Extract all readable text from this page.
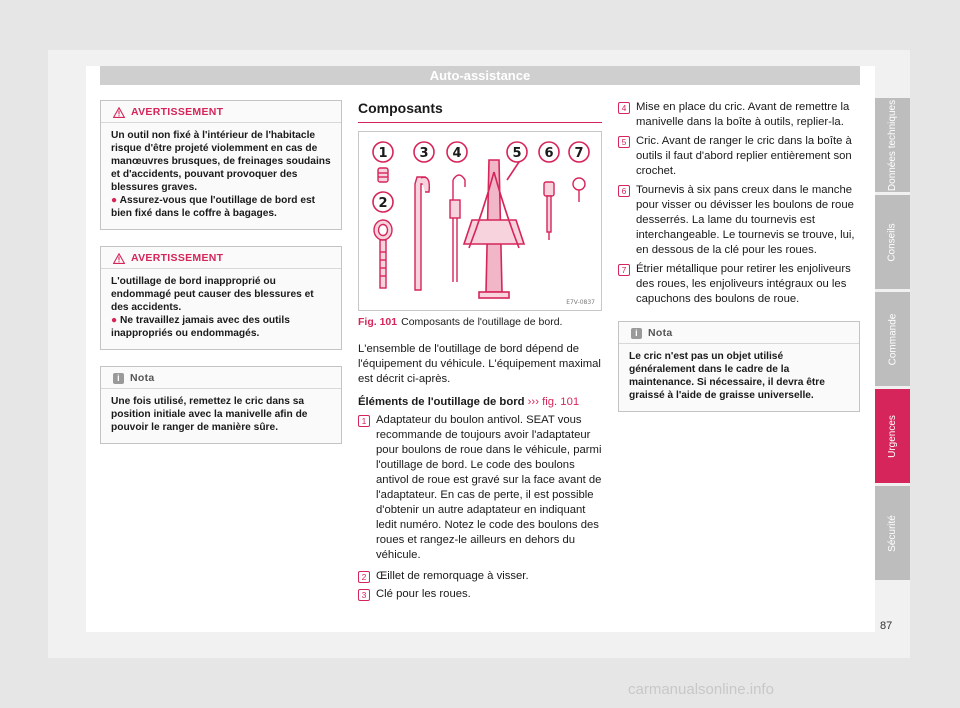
Auto-assistance
AVERTISSEMENT
Un outil non fixé à l'intérieur de l'habitacle risque d'être projeté violemment en cas de manœuvres brusques, de freinages soudains et d'accidents, pouvant provoquer des blessures graves.
● Assurez-vous que l'outillage de bord est bien fixé dans le coffre à bagages.
AVERTISSEMENT
L'outillage de bord inapproprié ou endommagé peut causer des blessures et des accidents.
● Ne travaillez jamais avec des outils inappropriés ou endommagés.
i Nota
Une fois utilisé, remettez le cric dans sa position initiale avec la manivelle afin de pouvoir le ranger de manière sûre.
Composants
1
2
3 4	5 6 7
E7V-0837
Fig. 101 Composants de l'outillage de bord.
L'ensemble de l'outillage de bord dépend de l'équipement du véhicule. L'équipement maximal est décrit ci-après.
Éléments de l'outillage de bord ››› fig. 101
1 Adaptateur du boulon antivol. SEAT vous recommande de toujours avoir l'adaptateur pour boulons de roue dans le véhicule, parmi l'outillage de bord. Le code des boulons antivol de roue est gravé sur la face avant de l'adaptateur. En cas de perte, il est possible d'obtenir un autre adaptateur en indiquant ledit numéro. Notez le code des boulons des roues et rangez-le ailleurs en dehors du véhicule.
2 Œillet de remorquage à visser.
3 Clé pour les roues.
4 Mise en place du cric. Avant de remettre la manivelle dans la boîte à outils, replier-la.
5 Cric. Avant de ranger le cric dans la boîte à outils il faut d'abord replier entièrement son crochet.
6 Tournevis à six pans creux dans le manche pour visser ou dévisser les boulons de roue desserrés. La lame du tournevis est interchangeable. Le tournevis se trouve, lui, en dessous de la clé pour les roues.
7 Étrier métallique pour retirer les enjoliveurs des roues, les enjoliveurs intégraux ou les capuchons des boulons de roue.
i Nota
Le cric n'est pas un objet utilisé généralement dans le cadre de la maintenance. Si nécessaire, il devra être graissé à l'aide de graisse universelle.
Données techniques
Conseils
Commande
Urgences
Sécurité
87
carmanualsonline.info
